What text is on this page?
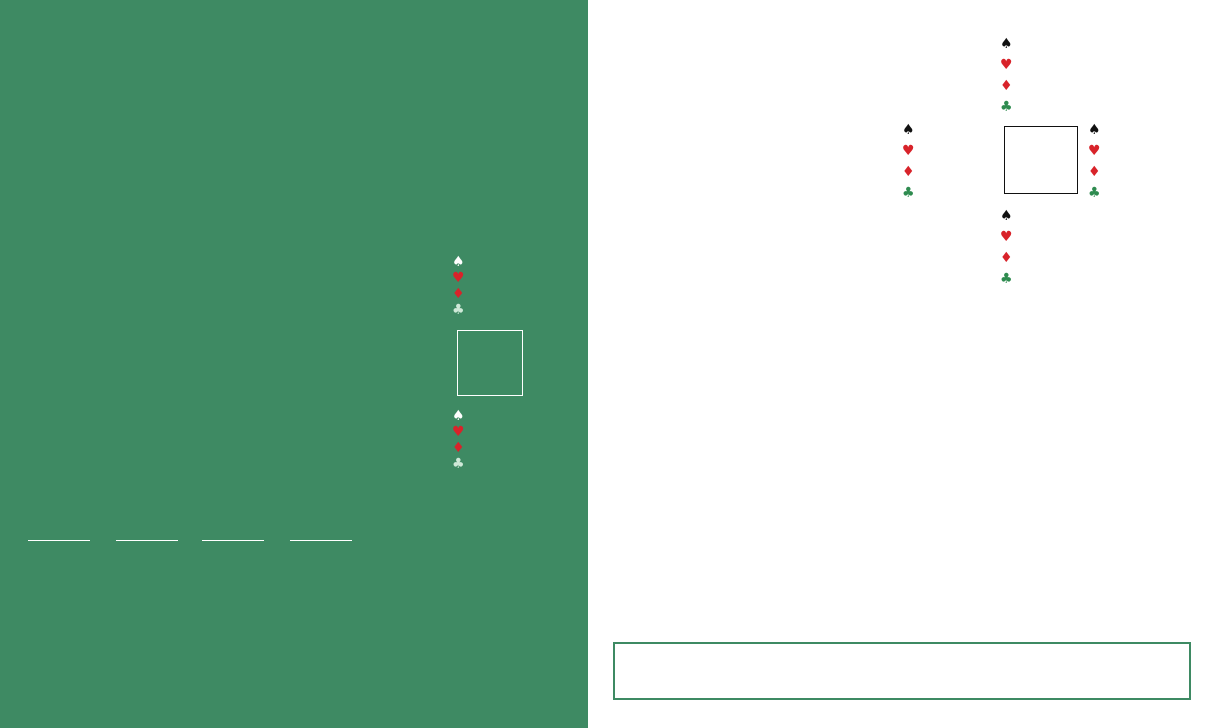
♠
♥
♦
♣
♠
♥
♦
♣
♠
♥
♦
♣
♠
♥
♦
♣
♠
♥
♦
♣
♠
♥
♦
♣
